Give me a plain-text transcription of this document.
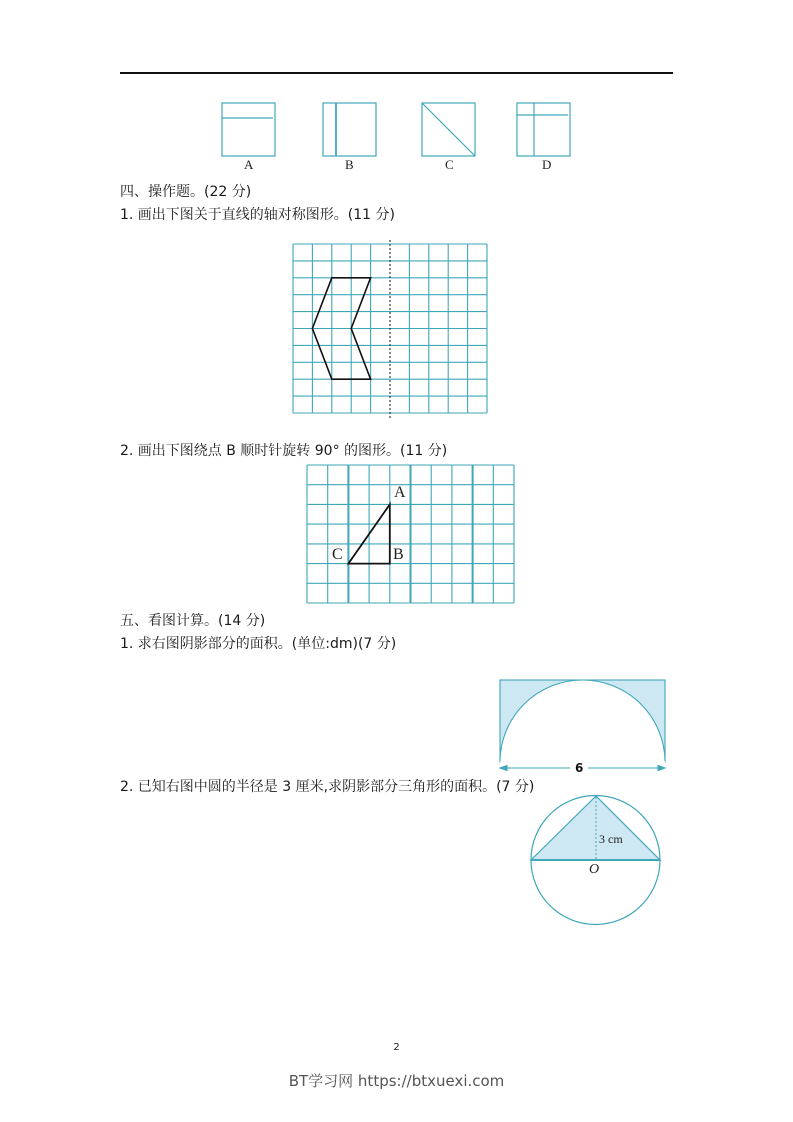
A	B	C	D
四、操作题。(22 分)
1. 画出下图关于直线的轴对称图形。(11 分)
2. 画出下图绕点 B 顺时针旋转 90° 的图形。(11 分)
A
B
C
五、看图计算。(14 分)
1. 求右图阴影部分的面积。(单位:dm)(7 分)
6
2. 已知右图中圆的半径是 3 厘米,求阴影部分三角形的面积。(7 分)
3 cm
O
2
BT学习网 https://btxuexi.com
